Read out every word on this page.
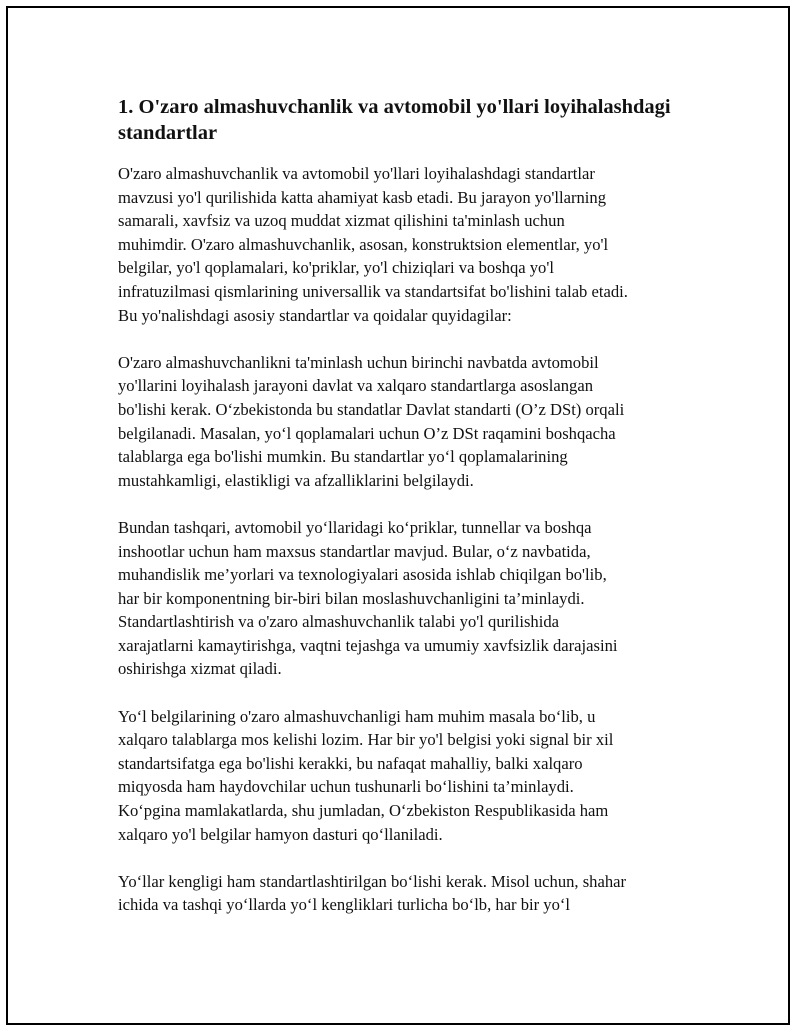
1. O'zaro almashuvchanlik va avtomobil yo'llari loyihalashdagi
standartlar
O'zaro almashuvchanlik va avtomobil yo'llari loyihalashdagi standartlar
mavzusi yo'l qurilishida katta ahamiyat kasb etadi. Bu jarayon yo'llarning
samarali, xavfsiz va uzoq muddat xizmat qilishini ta'minlash uchun
muhimdir. O'zaro almashuvchanlik, asosan, konstruktsion elementlar, yo'l
belgilar, yo'l qoplamalari, ko'priklar, yo'l chiziqlari va boshqa yo'l
infratuzilmasi qismlarining universallik va standartsifat bo'lishini talab etadi.
Bu yo'nalishdagi asosiy standartlar va qoidalar quyidagilar:
O'zaro almashuvchanlikni ta'minlash uchun birinchi navbatda avtomobil
yo'llarini loyihalash jarayoni davlat va xalqaro standartlarga asoslangan
bo'lishi kerak. O‘zbekistonda bu standatlar Davlat standarti (O’z DSt) orqali
belgilanadi. Masalan, yo‘l qoplamalari uchun O’z DSt raqamini boshqacha
talablarga ega bo'lishi mumkin. Bu standartlar yo‘l qoplamalarining
mustahkamligi, elastikligi va afzalliklarini belgilaydi.
Bundan tashqari, avtomobil yo‘llaridagi ko‘priklar, tunnellar va boshqa
inshootlar uchun ham maxsus standartlar mavjud. Bular, o‘z navbatida,
muhandislik me’yorlari va texnologiyalari asosida ishlab chiqilgan bo'lib,
har bir komponentning bir-biri bilan moslashuvchanligini ta’minlaydi.
Standartlashtirish va o'zaro almashuvchanlik talabi yo'l qurilishida
xarajatlarni kamaytirishga, vaqtni tejashga va umumiy xavfsizlik darajasini
oshirishga xizmat qiladi.
Yo‘l belgilarining o'zaro almashuvchanligi ham muhim masala bo‘lib, u
xalqaro talablarga mos kelishi lozim. Har bir yo'l belgisi yoki signal bir xil
standartsifatga ega bo'lishi kerakki, bu nafaqat mahalliy, balki xalqaro
miqyosda ham haydovchilar uchun tushunarli bo‘lishini ta’minlaydi.
Ko‘pgina mamlakatlarda, shu jumladan, O‘zbekiston Respublikasida ham
xalqaro yo'l belgilar hamyon dasturi qo‘llaniladi.
Yo‘llar kengligi ham standartlashtirilgan bo‘lishi kerak. Misol uchun, shahar
ichida va tashqi yo‘llarda yo‘l kengliklari turlicha bo‘lb, har bir yo‘l
